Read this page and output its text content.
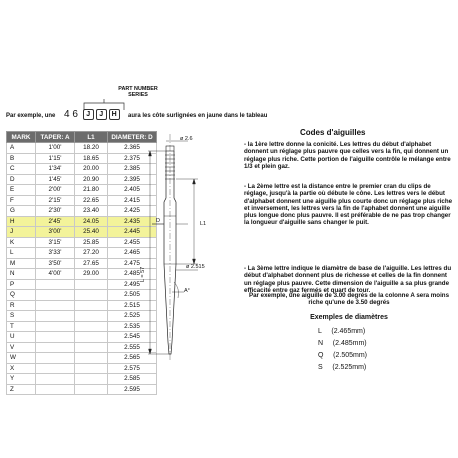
PART NUMBER
SERIES
Par exemple, une 4 6 J J H	aura les côte surlignées en jaune dans le tableau
MARK	TAPER: A	L1	DIAMETER: D
A	1'00'	18.20	2.365
B	1'15'	18.65	2.375
C	1'34'	20.00	2.385
D	1'45'	20.90	2.395
E	2'00'	21.80	2.405
F	2'15'	22.65	2.415
G	2'30'	23.40	2.425
H	2'45'	24.05	2.435
J	3'00'	25.40	2.445
K	3'15'	25.85	2.455
L	3'33'	27.20	2.465
M	3'50'	27.65	2.475
N	4'00'	29.00	2.485
P			2.495
Q			2.505
R			2.515
S			2.525
T			2.535
U			2.545
V			2.555
W			2.565
X			2.575
Y			2.585
Z			2.595
D
ø 2.6
L1
L = 57	ø 2.515
A°
Codes d'aiguilles
- la 1ère lettre donne la conicité. Les lettres du début d'alphabet donnent un réglage plus pauvre que celles vers la fin, qui donnent un réglage plus riche. Cette portion de l'aiguille contrôle le mélange entre 1/3 et plein gaz.
- La 2ème lettre est la distance entre le premier cran du clips de réglage, jusqu'à la partie où débute le cône. Les lettres vers le début d'alphabet donnent une aiguille plus courte donc un réglage plus riche et inversement, les lettres vers la fin de l'aphabet donnent une aiguille plus longue donc plus pauvre. Il est préférable de ne pas trop changer la longueur d'aiguille sans changer le puit.
- La 3ème lettre indique le diamètre de base de l'aiguille. Les lettres du début d'alphabet donnent plus de richesse et celles de la fin donnent un réglage plus pauvre. Cette dimension de l'aiguille a sa plus grande efficacité entre gaz fermés et quart de tour.
Par exemple, une aiguille de 3.00 degrés de la colonne A sera moins riche qu'une de 3.50 degrés
Exemples de diamètres
L     (2.465mm)
N     (2.485mm)
Q     (2.505mm)
S     (2.525mm)
